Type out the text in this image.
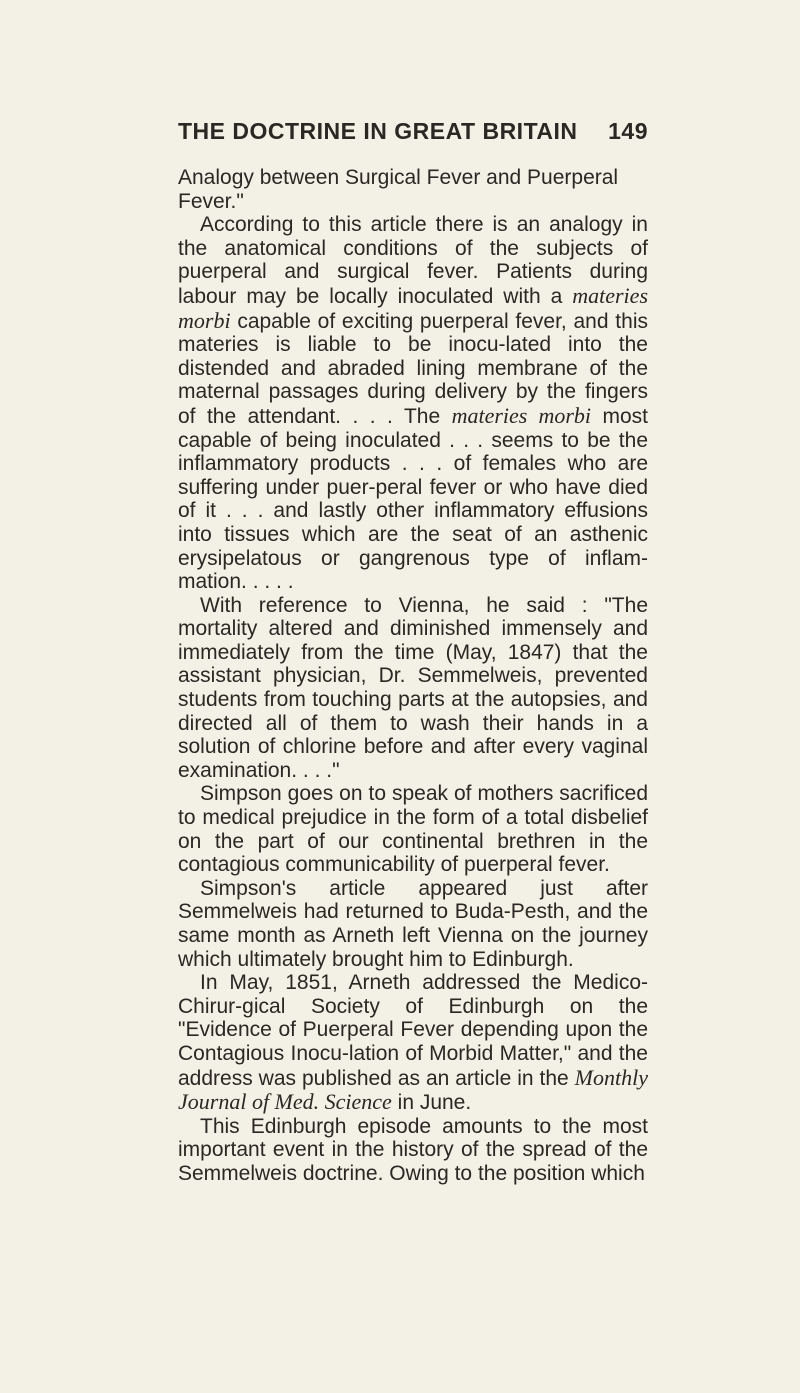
THE DOCTRINE IN GREAT BRITAIN 149

Analogy between Surgical Fever and Puerperal Fever."

According to this article there is an analogy in the anatomical conditions of the subjects of puerperal and surgical fever. Patients during labour may be locally inoculated with a materies morbi capable of exciting puerperal fever, and this materies is liable to be inocu-lated into the distended and abraded lining membrane of the maternal passages during delivery by the fingers of the attendant. . . . The materies morbi most capable of being inoculated . . . seems to be the inflammatory products . . . of females who are suffering under puer-peral fever or who have died of it . . . and lastly other inflammatory effusions into tissues which are the seat of an asthenic erysipelatous or gangrenous type of inflam-mation. . . . .

With reference to Vienna, he said : "The mortality altered and diminished immensely and immediately from the time (May, 1847) that the assistant physician, Dr. Semmelweis, prevented students from touching parts at the autopsies, and directed all of them to wash their hands in a solution of chlorine before and after every vaginal examination. . . ."

Simpson goes on to speak of mothers sacrificed to medical prejudice in the form of a total disbelief on the part of our continental brethren in the contagious communicability of puerperal fever.

Simpson's article appeared just after Semmelweis had returned to Buda-Pesth, and the same month as Arneth left Vienna on the journey which ultimately brought him to Edinburgh.

In May, 1851, Arneth addressed the Medico-Chirur-gical Society of Edinburgh on the "Evidence of Puerperal Fever depending upon the Contagious Inocu-lation of Morbid Matter," and the address was published as an article in the Monthly Journal of Med. Science in June.

This Edinburgh episode amounts to the most important event in the history of the spread of the Semmelweis doctrine. Owing to the position which
